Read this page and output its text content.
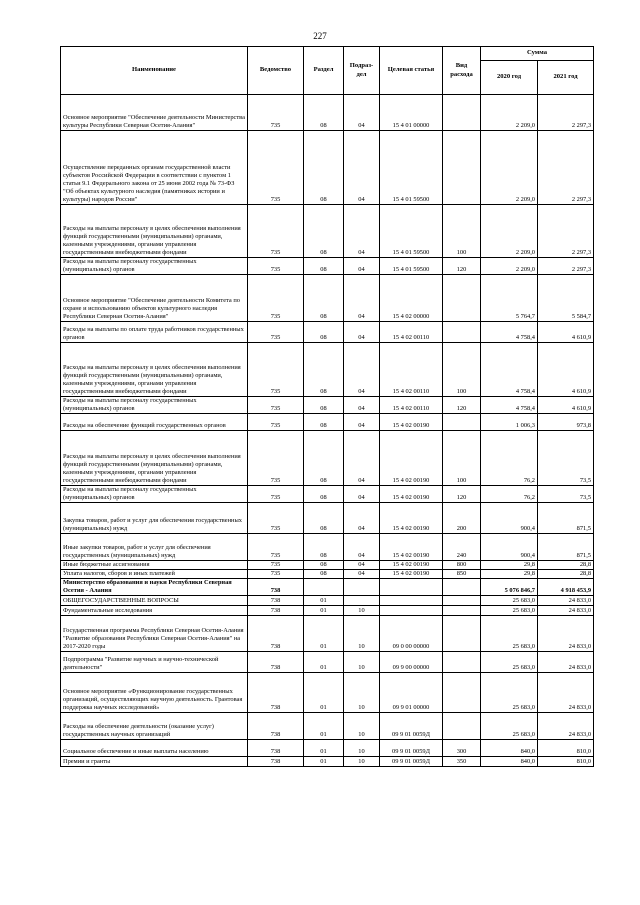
227
Наименование	Ведомство	Раздел	Подраз-дел	Целевая статья	Вид расхода	Сумма	
						2020 год	2021 год
Основное мероприятие "Обеспечение деятельности Министерства культуры Республики Северная Осетия-Алания"	735	08	04	15 4 01 00000		2 209,0	2 297,3
Осуществление переданных органам государственной власти субъектов Российской Федерации в соответствии с пунктом 1 статьи 9.1 Федерального закона от 25 июня 2002 года № 73-ФЗ "Об объектах культурного наследия (памятниках истории и культуры) народов России"	735	08	04	15 4 01 59500		2 209,0	2 297,3
Расходы на выплаты персоналу в целях обеспечения выполнения функций государственными (муниципальными) органами, казенными учреждениями, органами управления государственными внебюджетными фондами	735	08	04	15 4 01 59500	100	2 209,0	2 297,3
Расходы на выплаты персоналу государственных (муниципальных) органов	735	08	04	15 4 01 59500	120	2 209,0	2 297,3
Основное мероприятие "Обеспечение деятельности Комитета по охране и использованию объектов культурного наследия Республики Северная Осетия-Алания"	735	08	04	15 4 02 00000		5 764,7	5 584,7
Расходы на выплаты по оплате труда работников государственных органов	735	08	04	15 4 02 00110		4 758,4	4 610,9
Расходы на выплаты персоналу в целях обеспечения выполнения функций государственными (муниципальными) органами, казенными учреждениями, органами управления государственными внебюджетными фондами	735	08	04	15 4 02 00110	100	4 758,4	4 610,9
Расходы на выплаты персоналу государственных (муниципальных) органов	735	08	04	15 4 02 00110	120	4 758,4	4 610,9
Расходы на обеспечение функций государственных органов	735	08	04	15 4 02 00190		1 006,3	973,8
Расходы на выплаты персоналу в целях обеспечения выполнения функций государственными (муниципальными) органами, казенными учреждениями, органами управления государственными внебюджетными фондами	735	08	04	15 4 02 00190	100	76,2	73,5
Расходы на выплаты персоналу государственных (муниципальных) органов	735	08	04	15 4 02 00190	120	76,2	73,5
Закупка товаров, работ и услуг для обеспечения государственных (муниципальных) нужд	735	08	04	15 4 02 00190	200	900,4	871,5
Иные закупки товаров, работ и услуг для обеспечения государственных (муниципальных) нужд	735	08	04	15 4 02 00190	240	900,4	871,5
Иные бюджетные ассигнования	735	08	04	15 4 02 00190	800	29,8	28,8
Уплата налогов, сборов и иных платежей	735	08	04	15 4 02 00190	850	29,8	28,8
Министерство образования и науки Республики Северная Осетия - Алания	738					5 076 846,7	4 918 453,9
ОБЩЕГОСУДАРСТВЕННЫЕ ВОПРОСЫ	738	01				25 683,0	24 833,0
Фундаментальные исследования	738	01	10			25 683,0	24 833,0
Государственная программа Республики Северная Осетия-Алания "Развитие образования Республики Северная Осетия-Алания" на 2017-2020 годы	738	01	10	09 0 00 00000		25 683,0	24 833,0
Подпрограмма "Развитие научных и научно-технической деятельности"	738	01	10	09 9 00 00000		25 683,0	24 833,0
Основное мероприятие «Функционирование государственных организаций, осуществляющих научную деятельность. Грантовая поддержка научных исследований»	738	01	10	09 9 01 00000		25 683,0	24 833,0
Расходы на обеспечение деятельности (оказание услуг) государственных научных организаций	738	01	10	09 9 01 0059Д		25 683,0	24 833,0
Социальное обеспечение и иные выплаты населению	738	01	10	09 9 01 0059Д	300	840,0	810,0
Премии и гранты	738	01	10	09 9 01 0059Д	350	840,0	810,0
